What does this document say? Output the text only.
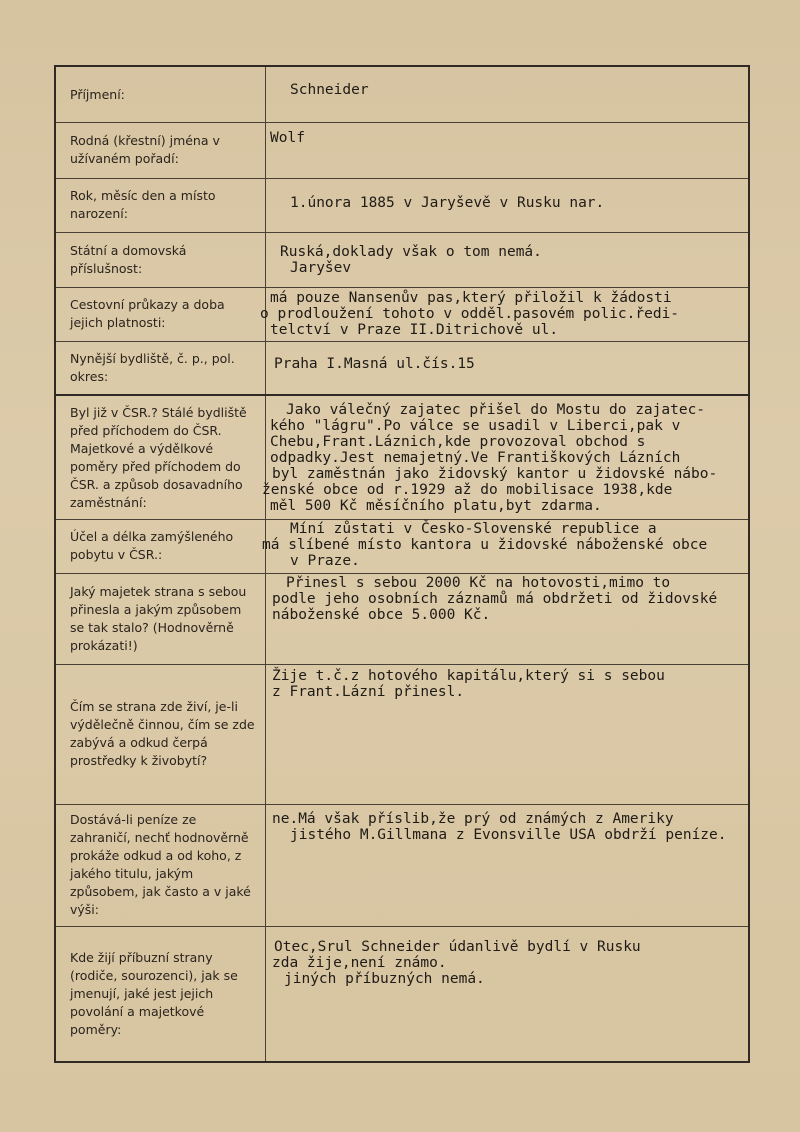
Příjmení:

	Schneider

Rodná (křestní) jména v užívaném pořadí:

Wolf

Rok, měsíc den a místo narození:

1.února 1885 v Jaryševě v Rusku nar.

Státní a domovská příslušnost:

Ruská,doklady však o tom nemá.

Jaryšev

Cestovní průkazy a doba jejich platnosti:

má pouze Nansenův pas,který přiložil k žádosti

o prodloužení tohoto v odděl.pasovém polic.ředi-

telctví v Praze II.Ditrichově ul.

Nynější bydliště, č. p., pol. okres:

Praha I.Masná ul.čís.15

Byl již v ČSR.? Stálé bydliště před příchodem do ČSR. Majetkové a výdělkové poměry před příchodem do ČSR. a způsob dosavadního zaměstnání:

Jako válečný zajatec přišel do Mostu do zajatec-

kého "lágru".Po válce se usadil v Liberci,pak v

Chebu,Frant.Láznich,kde provozoval obchod s

odpadky.Jest nemajetný.Ve Františkových Lázních

byl zaměstnán jako židovský kantor u židovské nábo-

ženské obce od r.1929 až do mobilisace 1938,kde

měl 500 Kč měsíčního platu,byt zdarma.

Účel a délka zamýšleného pobytu v ČSR.:

Míní zůstati v Česko-Slovenské republice a

má slíbené místo kantora u židovské náboženské obce

v Praze.

Jaký majetek strana s sebou přinesla a jakým způsobem se tak stalo? (Hodnověrně prokázati!)

Přinesl s sebou 2000 Kč na hotovosti,mimo to

podle jeho osobních záznamů má obdržeti od židovské

náboženské obce 5.000 Kč.

Čím se strana zde živí, je-li výdělečně činnou, čím se zde zabývá a odkud čerpá prostředky k živobytí?

Žije t.č.z hotového kapitálu,který si s sebou

z Frant.Lázní přinesl.

Dostává-li peníze ze zahraničí, nechť hodnověrně prokáže odkud a od koho, z jakého titulu, jakým způsobem, jak často a v jaké výši:

ne.Má však příslib,že prý od známých z Ameriky

jistého M.Gillmana z Evonsville USA obdrží peníze.

Kde žijí příbuzní strany (rodiče, sourozenci), jak se jmenují, jaké jest jejich povolání a majetkové poměry:

Otec,Srul Schneider údanlivě bydlí v Rusku

zda žije,není známo.

jiných příbuzných nemá.
